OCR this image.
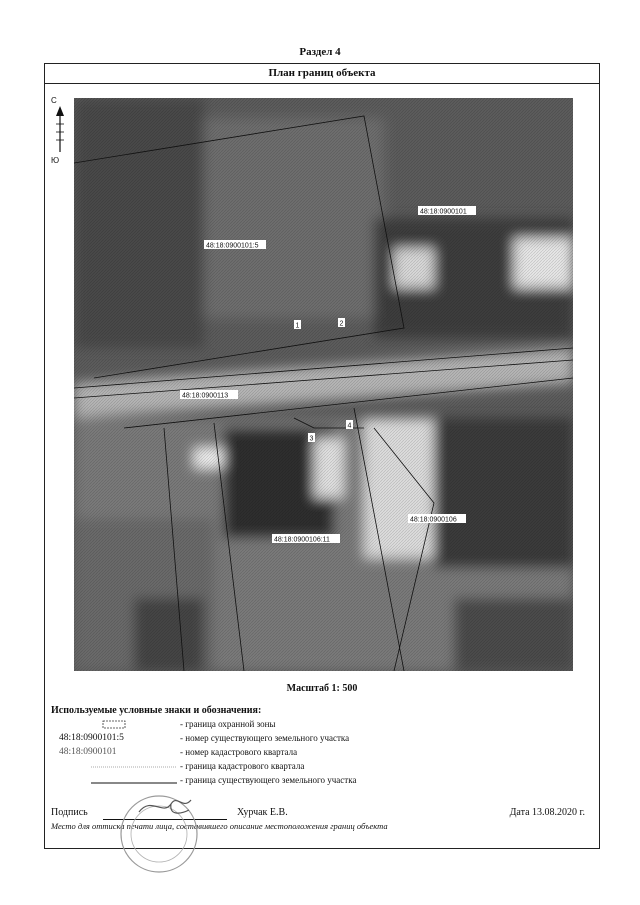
Раздел 4
План границ объекта
С
Ю
48:18:0900101:5
48:18:0900101
48:18:0900113
48:18:0900106
48:18:0900106:11
1	2
3
4
Масштаб 1: 500
Используемые условные знаки и обозначения:
- граница охранной зоны
48:18:0900101:5	- номер существующего земельного участка
48:18:0900101	- номер кадастрового квартала
- граница кадастрового квартала
- граница существующего земельного участка
Подпись	Хурчак Е.В.	Дата 13.08.2020 г.
Место для оттиска печати лица, составившего описание местоположения границ объекта
